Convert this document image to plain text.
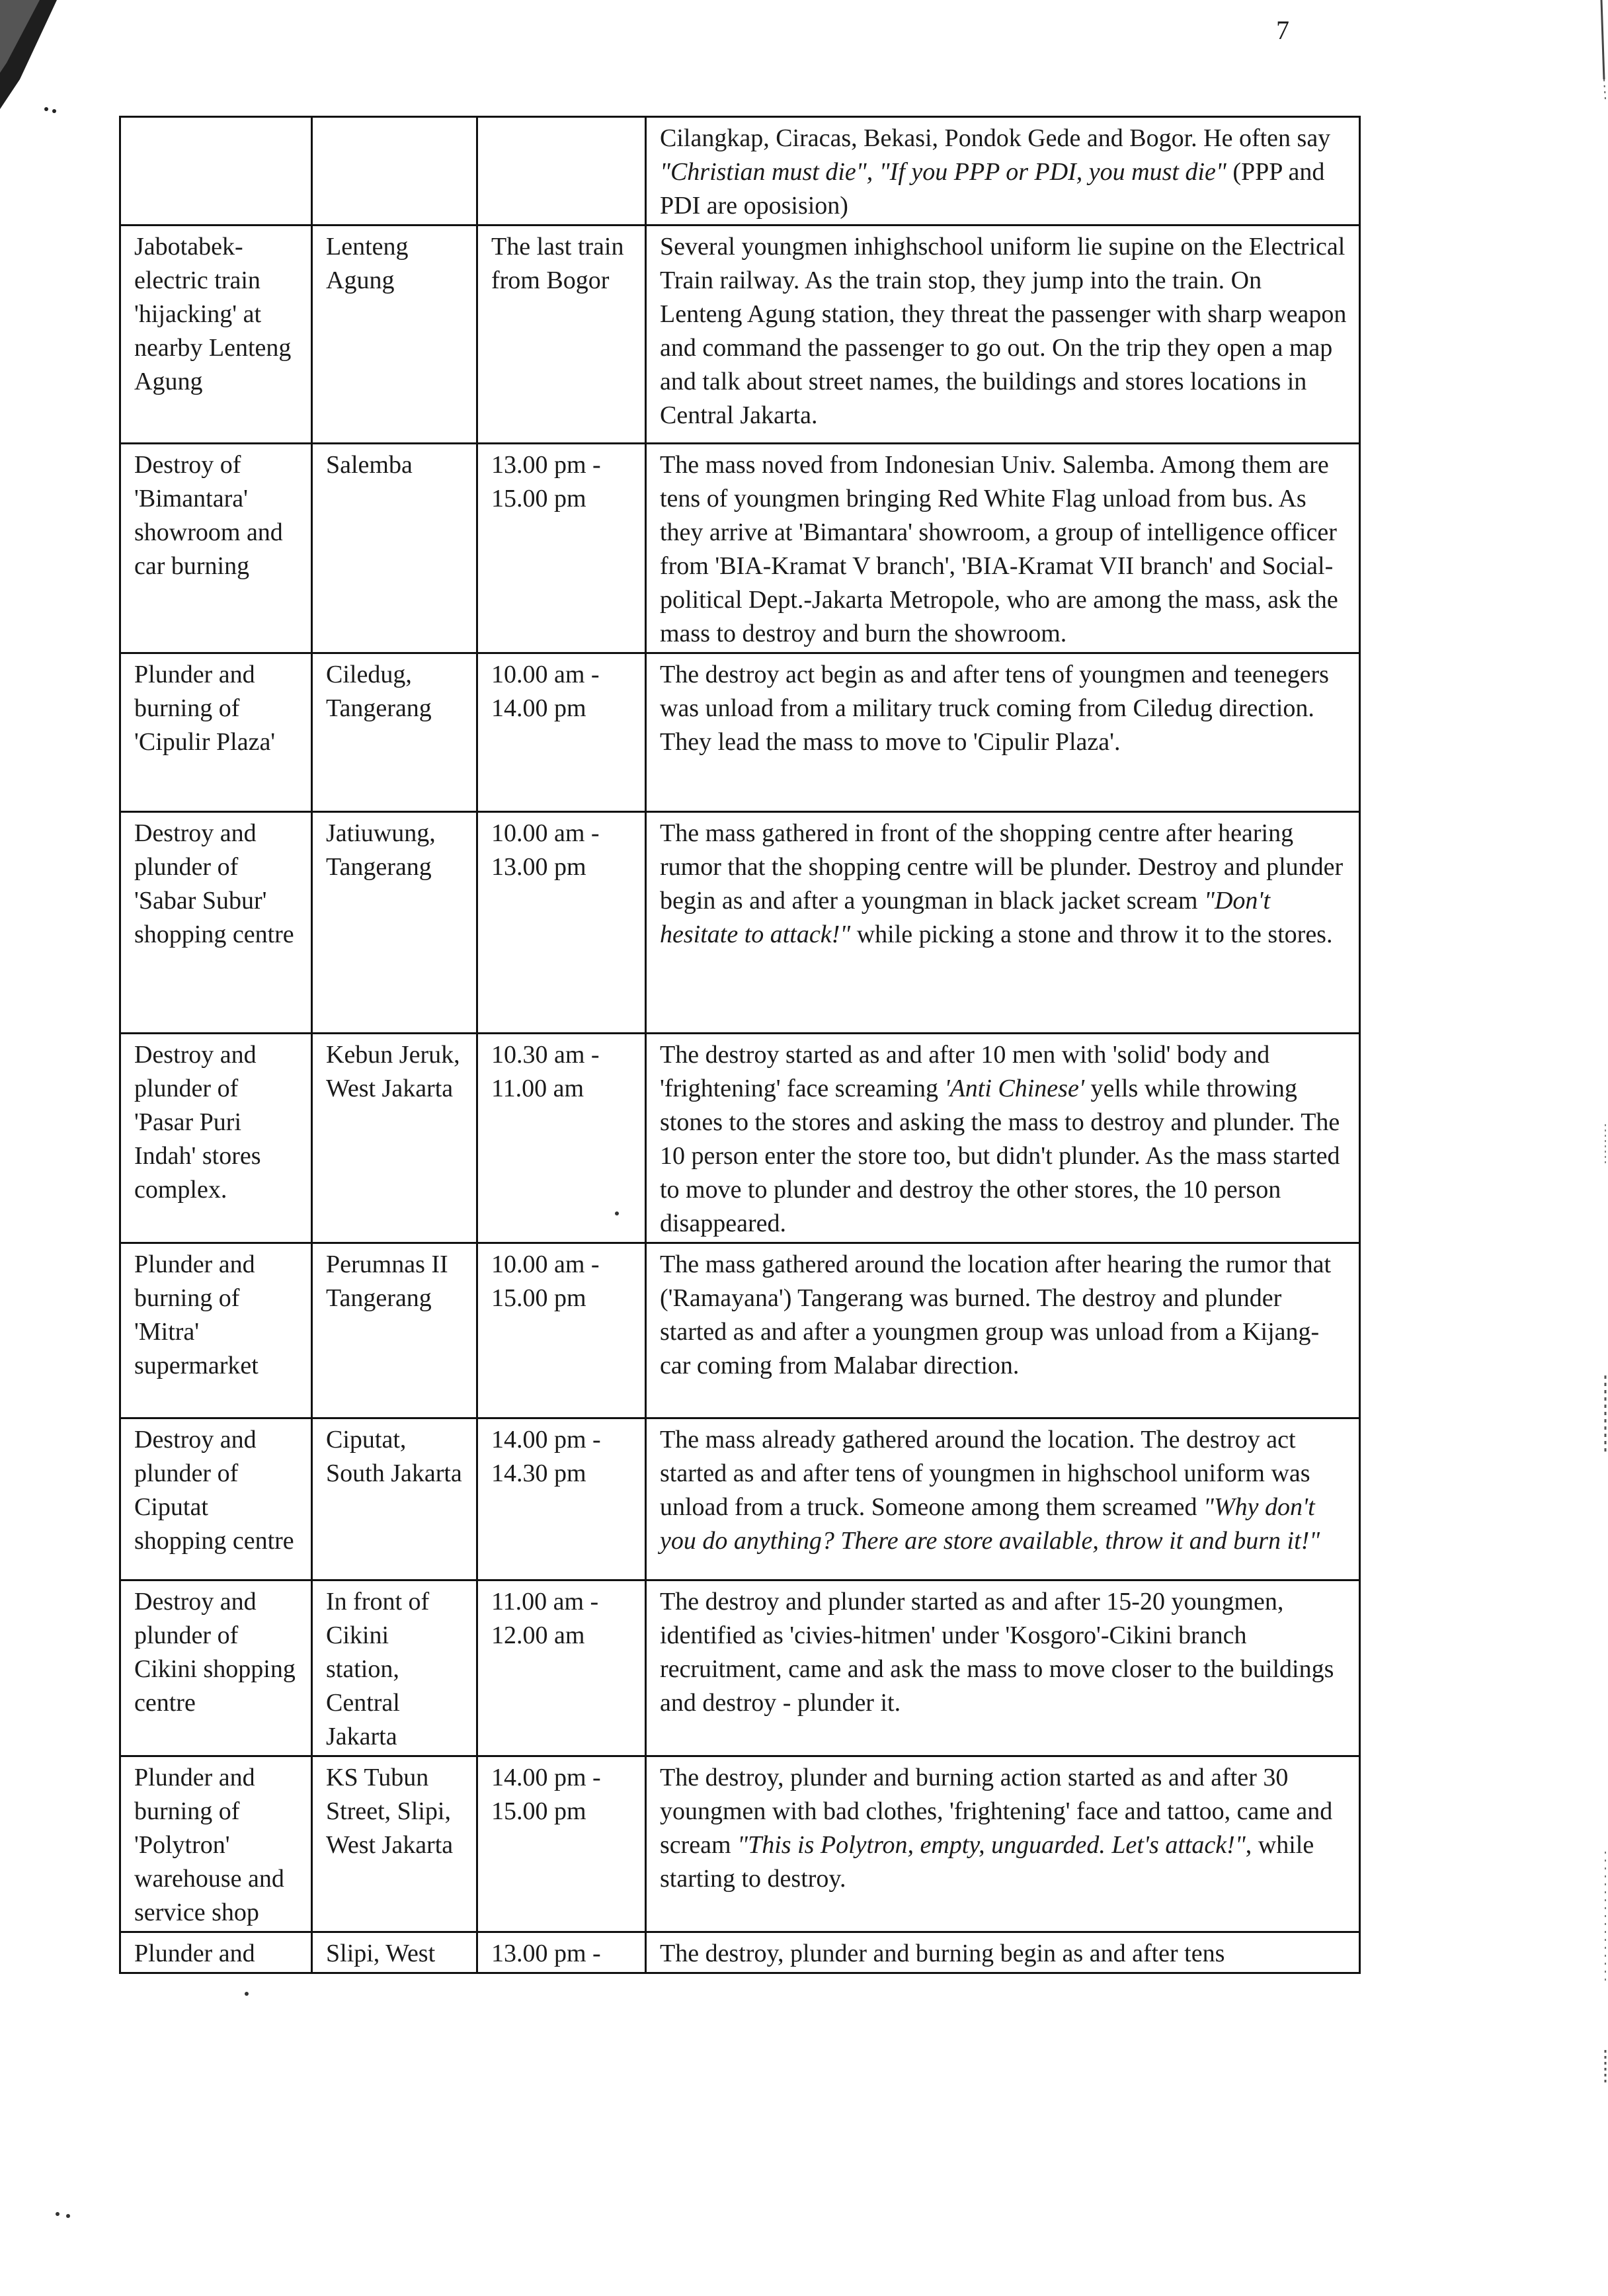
7
			Cilangkap, Ciracas, Bekasi, Pondok Gede and Bogor. He often say "Christian must die", "If you PPP or PDI, you must die" (PPP and PDI are oposision)
Jabotabek-electric train 'hijacking' at nearby Lenteng Agung	Lenteng Agung	The last train from Bogor	Several youngmen inhighschool uniform lie supine on the Electrical Train railway. As the train stop, they jump into the train. On Lenteng Agung station, they threat the passenger with sharp weapon and command the passenger to go out. On the trip they open a map and talk about street names, the buildings and stores locations in Central Jakarta.
Destroy of 'Bimantara' showroom and car burning	Salemba	13.00 pm - 15.00 pm	The mass noved from Indonesian Univ. Salemba. Among them are tens of youngmen bringing Red White Flag unload from bus. As they arrive at 'Bimantara' showroom, a group of intelligence officer from 'BIA-Kramat V branch', 'BIA-Kramat VII branch' and Social-political Dept.-Jakarta Metropole, who are among the mass, ask the mass to destroy and burn the showroom.
Plunder and burning of 'Cipulir Plaza'	Ciledug, Tangerang	10.00 am - 14.00 pm	The destroy act begin as and after tens of youngmen and teenegers was unload from a military truck coming from Ciledug direction. They lead the mass to move to 'Cipulir Plaza'.
Destroy and plunder of 'Sabar Subur' shopping centre	Jatiuwung, Tangerang	10.00 am - 13.00 pm	The mass gathered in front of the shopping centre after hearing rumor that the shopping centre will be plunder. Destroy and plunder begin as and after a youngman in black jacket scream "Don't hesitate to attack!" while picking a stone and throw it to the stores.
Destroy and plunder of 'Pasar Puri Indah' stores complex.	Kebun Jeruk, West Jakarta	10.30 am - 11.00 am	The destroy started as and after 10 men with 'solid' body and 'frightening' face screaming 'Anti Chinese' yells while throwing stones to the stores and asking the mass to destroy and plunder. The 10 person enter the store too, but didn't plunder. As the mass started to move to plunder and destroy the other stores, the 10 person disappeared.
Plunder and burning of 'Mitra' supermarket	Perumnas II Tangerang	10.00 am - 15.00 pm	The mass gathered around the location after hearing the rumor that ('Ramayana') Tangerang was burned. The destroy and plunder started as and after a youngmen group was unload from a Kijang-car coming from Malabar direction.
Destroy and plunder of Ciputat shopping centre	Ciputat, South Jakarta	14.00 pm - 14.30 pm	The mass already gathered around the location. The destroy act started as and after tens of youngmen in highschool uniform was unload from a truck. Someone among them screamed "Why don't you do anything? There are store available, throw it and burn it!"
Destroy and plunder of Cikini shopping centre	In front of Cikini station, Central Jakarta	11.00 am - 12.00 am	The destroy and plunder started as and after 15-20 youngmen, identified as 'civies-hitmen' under 'Kosgoro'-Cikini branch recruitment, came and ask the mass to move closer to the buildings and destroy - plunder it.
Plunder and burning of 'Polytron' warehouse and service shop	KS Tubun Street, Slipi, West Jakarta	14.00 pm - 15.00 pm	The destroy, plunder and burning action started as and after 30 youngmen with bad clothes, 'frightening' face and tattoo, came and scream "This is Polytron, empty, unguarded. Let's attack!", while starting to destroy.
Plunder and	Slipi, West	13.00 pm -	The destroy, plunder and burning begin as and after tens
